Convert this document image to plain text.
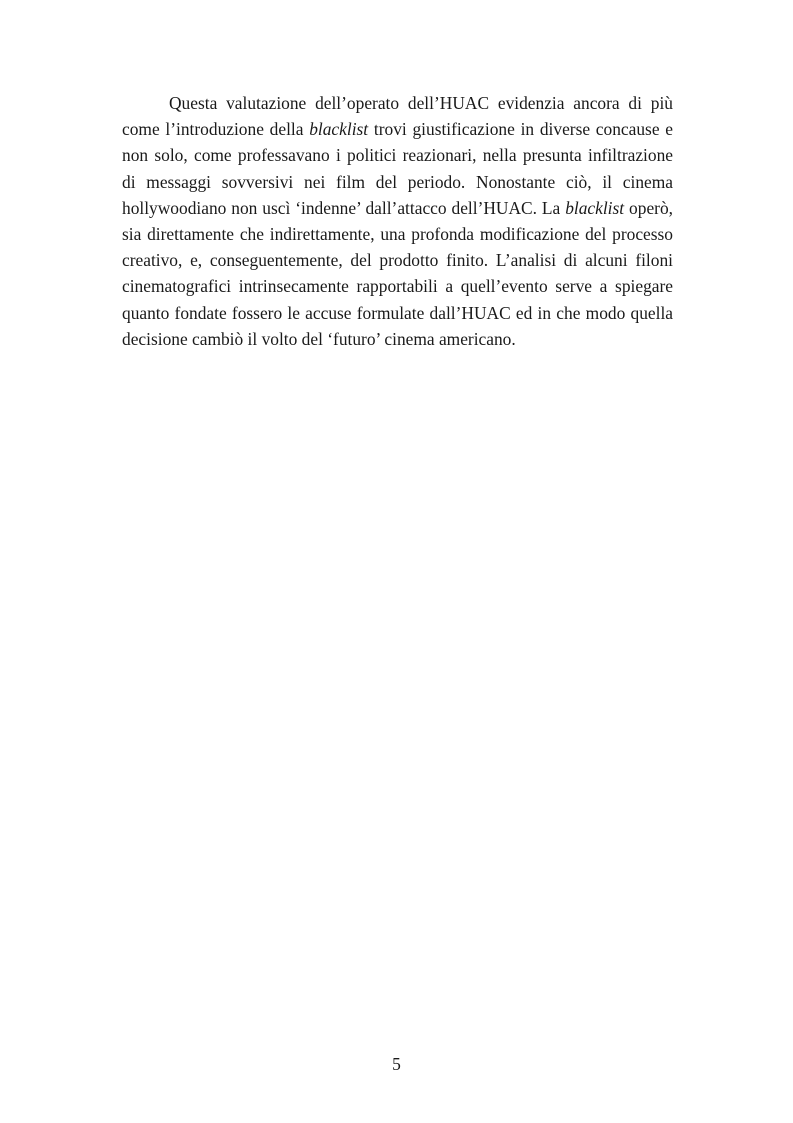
Questa valutazione dell’operato dell’HUAC evidenzia ancora di più come l’introduzione della blacklist trovi giustificazione in diverse concause e non solo, come professavano i politici reazionari, nella presunta infiltrazione di messaggi sovversivi nei film del periodo. Nonostante ciò, il cinema hollywoodiano non uscì ‘indenne’ dall’attacco dell’HUAC. La blacklist operò, sia direttamente che indirettamente, una profonda modificazione del processo creativo, e, conseguentemente, del prodotto finito. L’analisi di alcuni filoni cinematografici intrinsecamente rapportabili a quell’evento serve a spiegare quanto fondate fossero le accuse formulate dall’HUAC ed in che modo quella decisione cambiò il volto del ‘futuro’ cinema americano.

5
